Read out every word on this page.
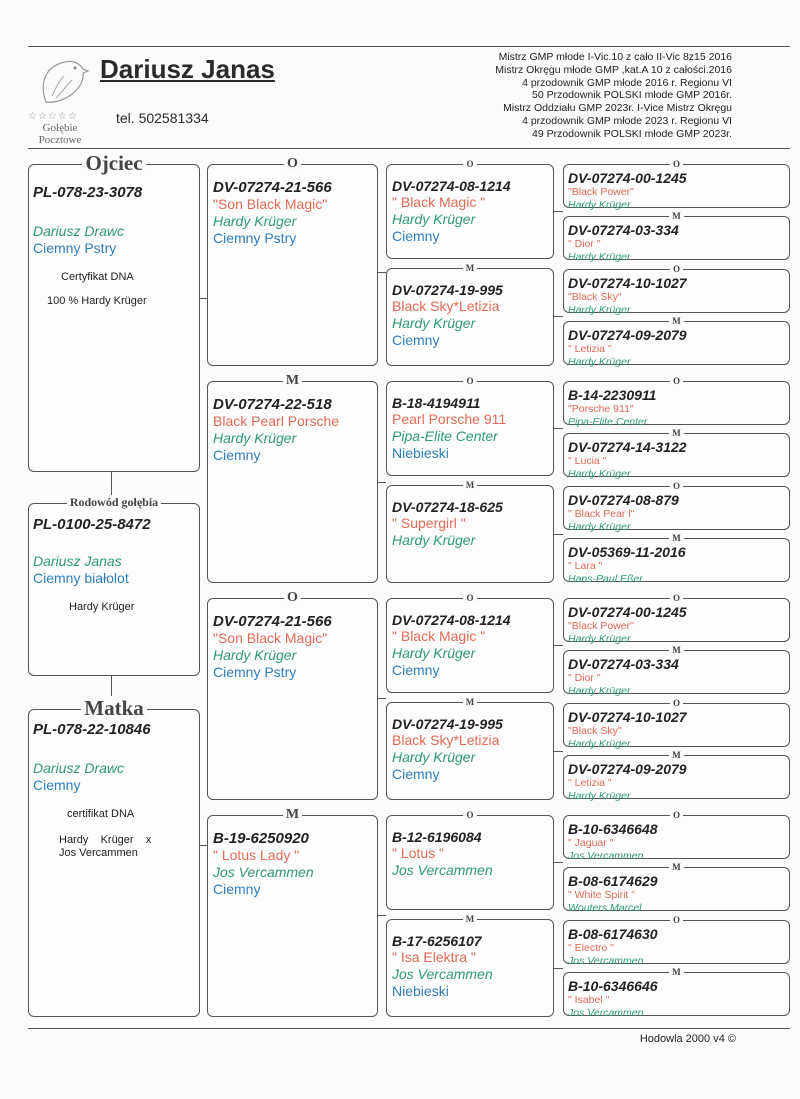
☆☆☆☆☆
Gołębie
Pocztowe
Dariusz Janas
tel. 502581334
Mistrz GMP młode I-Vic.10 z cało II-Vic 8z15 2016
Mistrz Okręgu młode GMP ,kat.A 10 z całości.2016
4 przodownik GMP młode 2016 r. Regionu VI
50 Przodownik POLSKI młode GMP 2016r.
Mistrz Oddziału GMP 2023r. I-Vice Mistrz Okręgu
4 przodownik GMP młode 2023 r. Regionu VI
49 Przodownik POLSKI młode GMP 2023r.
Ojciec
PL-078-23-3078
Dariusz Drawc
Ciemny Pstry
Certyfikat DNA
100 % Hardy Krüger
Rodowód gołębia
PL-0100-25-8472
Dariusz Janas
Ciemny białolot
Hardy Krüger
Matka
PL-078-22-10846
Dariusz Drawc
Ciemny
certifikat DNA
Hardy    Krüger    x
Jos Vercammen
O
DV-07274-21-566
"Son Black Magic"
Hardy Krüger
Ciemny Pstry
M
DV-07274-22-518
Black Pearl Porsche
Hardy Krüger
Ciemny
O
DV-07274-21-566
"Son Black Magic"
Hardy Krüger
Ciemny Pstry
M
B-19-6250920
" Lotus Lady "
Jos Vercammen
Ciemny
O
DV-07274-08-1214
" Black Magic "
Hardy Krüger
Ciemny
M
DV-07274-19-995
Black Sky*Letizia
Hardy Krüger
Ciemny
O
B-18-4194911
Pearl Porsche 911
Pipa-Elite Center
Niebieski
M
DV-07274-18-625
" Supergirl "
Hardy Krüger
O
DV-07274-08-1214
" Black Magic "
Hardy Krüger
Ciemny
M
DV-07274-19-995
Black Sky*Letizia
Hardy Krüger
Ciemny
O
B-12-6196084
" Lotus "
Jos Vercammen
M
B-17-6256107
" Isa Elektra "
Jos Vercammen
Niebieski
O
DV-07274-00-1245
"Black Power"
Hardy Krüger
M
DV-07274-03-334
" Dior "
Hardy Krüger
O
DV-07274-10-1027
"Black Sky"
Hardy Krüger
M
DV-07274-09-2079
" Letizia "
Hardy Krüger
O
B-14-2230911
"Porsche 911"
Pipa-Elite Center
M
DV-07274-14-3122
" Lucia "
Hardy Krüger
O
DV-07274-08-879
" Black Pear l"
Hardy Krüger
M
DV-05369-11-2016
" Lara "
Hans-Paul Eßer
O
DV-07274-00-1245
"Black Power"
Hardy Krüger
M
DV-07274-03-334
" Dior "
Hardy Krüger
O
DV-07274-10-1027
"Black Sky"
Hardy Krüger
M
DV-07274-09-2079
" Letizia "
Hardy Krüger
O
B-10-6346648
" Jaguar "
Jos Vercammen
M
B-08-6174629
" White Spirit "
Wouters Marcel
O
B-08-6174630
" Electro "
Jos Vercammen
M
B-10-6346646
" Isabel "
Jos Vercammen
Hodowla 2000 v4 ©
